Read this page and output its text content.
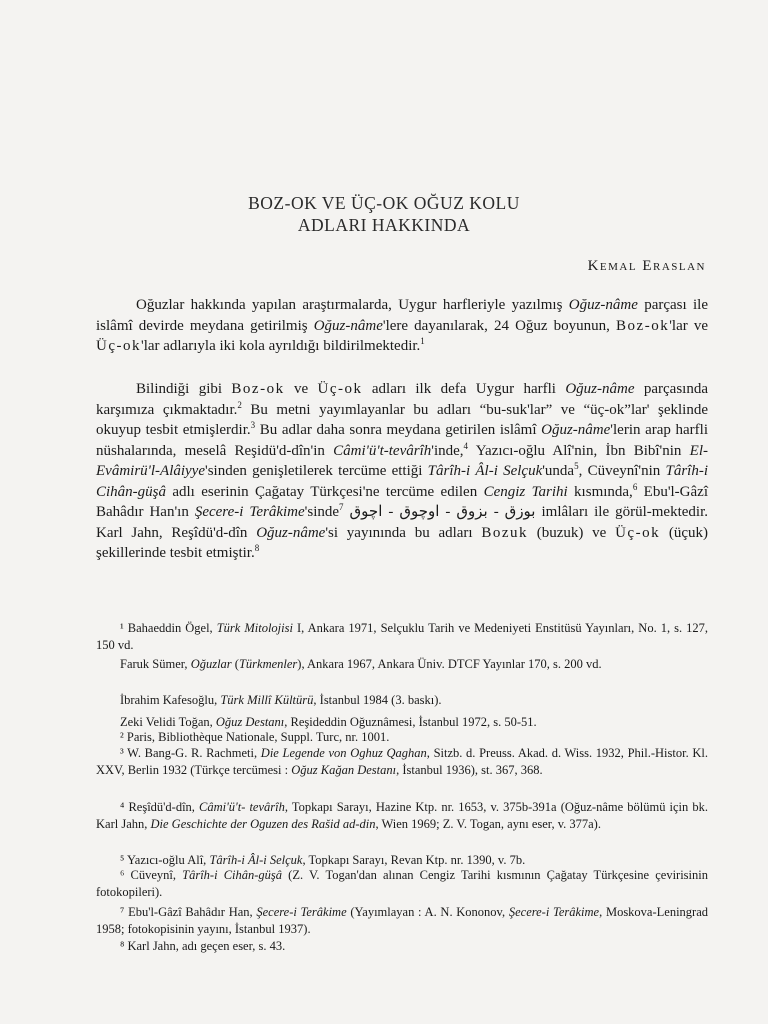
BOZ-OK VE ÜÇ-OK OĞUZ KOLU
ADLARI HAKKINDA
Kemal Eraslan
Oğuzlar hakkında yapılan araştırmalarda, Uygur harfleriyle yazılmış Oğuz-nâme parçası ile islâmî devirde meydana getirilmiş Oğuz-nâme'lere dayanılarak, 24 Oğuz boyunun, Boz-ok'lar ve Üç-ok'lar adlarıyla iki kola ayrıldığı bildirilmektedir.$^1$
Bilindiği gibi Boz-ok ve Üç-ok adları ilk defa Uygur harfli Oğuz-nâme parçasında karşımıza çıkmaktadır.$^2$ Bu metni yayımlayanlar bu adları “bu-suk'lar” ve “üç-ok”lar' şeklinde okuyup tesbit etmişlerdir.$^3$ Bu adlar daha sonra meydana getirilen islâmî Oğuz-nâme'lerin arap harfli nüshalarında, meselâ Reşidü'd-dîn'in Câmi'ü't-tevârîh'inde,$^4$ Yazıcı-oğlu Alî'nin, İbn Bibî'nin El-Evâmirü'l-Alâiyye'sinden genişletilerek tercüme ettiği Târîh-i Âl-i Selçuk'unda$^5$, Cüveynî'nin Târîh-i Cihân-güşâ adlı eserinin Çağatay Türkçesi'ne tercüme edilen Cengiz Tarihi kısmında,$^6$ Ebu'l-Gâzî Bahâdır Han'ın Şecere-i Terâkime'sinde$^7$ بوزق - بزوق - اوچوق - اچوق imlâları ile görül-mektedir. Karl Jahn, Reşîdü'd-dîn Oğuz-nâme'si yayınında bu adları Bozuk (buzuk) ve Üç-ok (üçuk) şekillerinde tesbit etmiştir.$^8$
¹ Bahaeddin Ögel, Türk Mitolojisi I, Ankara 1971, Selçuklu Tarih ve Medeniyeti Enstitüsü Yayınları, No. 1, s. 127, 150 vd.
Faruk Sümer, Oğuzlar (Türkmenler), Ankara 1967, Ankara Üniv. DTCF Yayınlar 170, s. 200 vd.
İbrahim Kafesoğlu, Türk Millî Kültürü, İstanbul 1984 (3. baskı).
Zeki Velidi Toğan, Oğuz Destanı, Reşideddin Oğuznâmesi, İstanbul 1972, s. 50-51.
² Paris, Bibliothèque Nationale, Suppl. Turc, nr. 1001.
³ W. Bang-G. R. Rachmeti, Die Legende von Oghuz Qaghan, Sitzb. d. Preuss. Akad. d. Wiss. 1932, Phil.-Histor. Kl. XXV, Berlin 1932 (Türkçe tercümesi : Oğuz Kağan Destanı, İstanbul 1936), st. 367, 368.
⁴ Reşîdü'd-dîn, Câmi'ü't- tevârîh, Topkapı Sarayı, Hazine Ktp. nr. 1653, v. 375b-391a (Oğuz-nâme bölümü için bk. Karl Jahn, Die Geschichte der Oguzen des Rašid ad-din, Wien 1969; Z. V. Togan, aynı eser, v. 377a).
⁵ Yazıcı-oğlu Alî, Târîh-i Âl-i Selçuk, Topkapı Sarayı, Revan Ktp. nr. 1390, v. 7b.
⁶ Cüveynî, Târîh-i Cihân-güşâ (Z. V. Togan'dan alınan Cengiz Tarihi kısmının Çağatay Türkçesine çevirisinin fotokopileri).
⁷ Ebu'l-Gâzî Bahâdır Han, Şecere-i Terâkime (Yayımlayan : A. N. Kononov, Şecere-i Terâkime, Moskova-Leningrad 1958; fotokopisinin yayını, İstanbul 1937).
⁸ Karl Jahn, adı geçen eser, s. 43.
